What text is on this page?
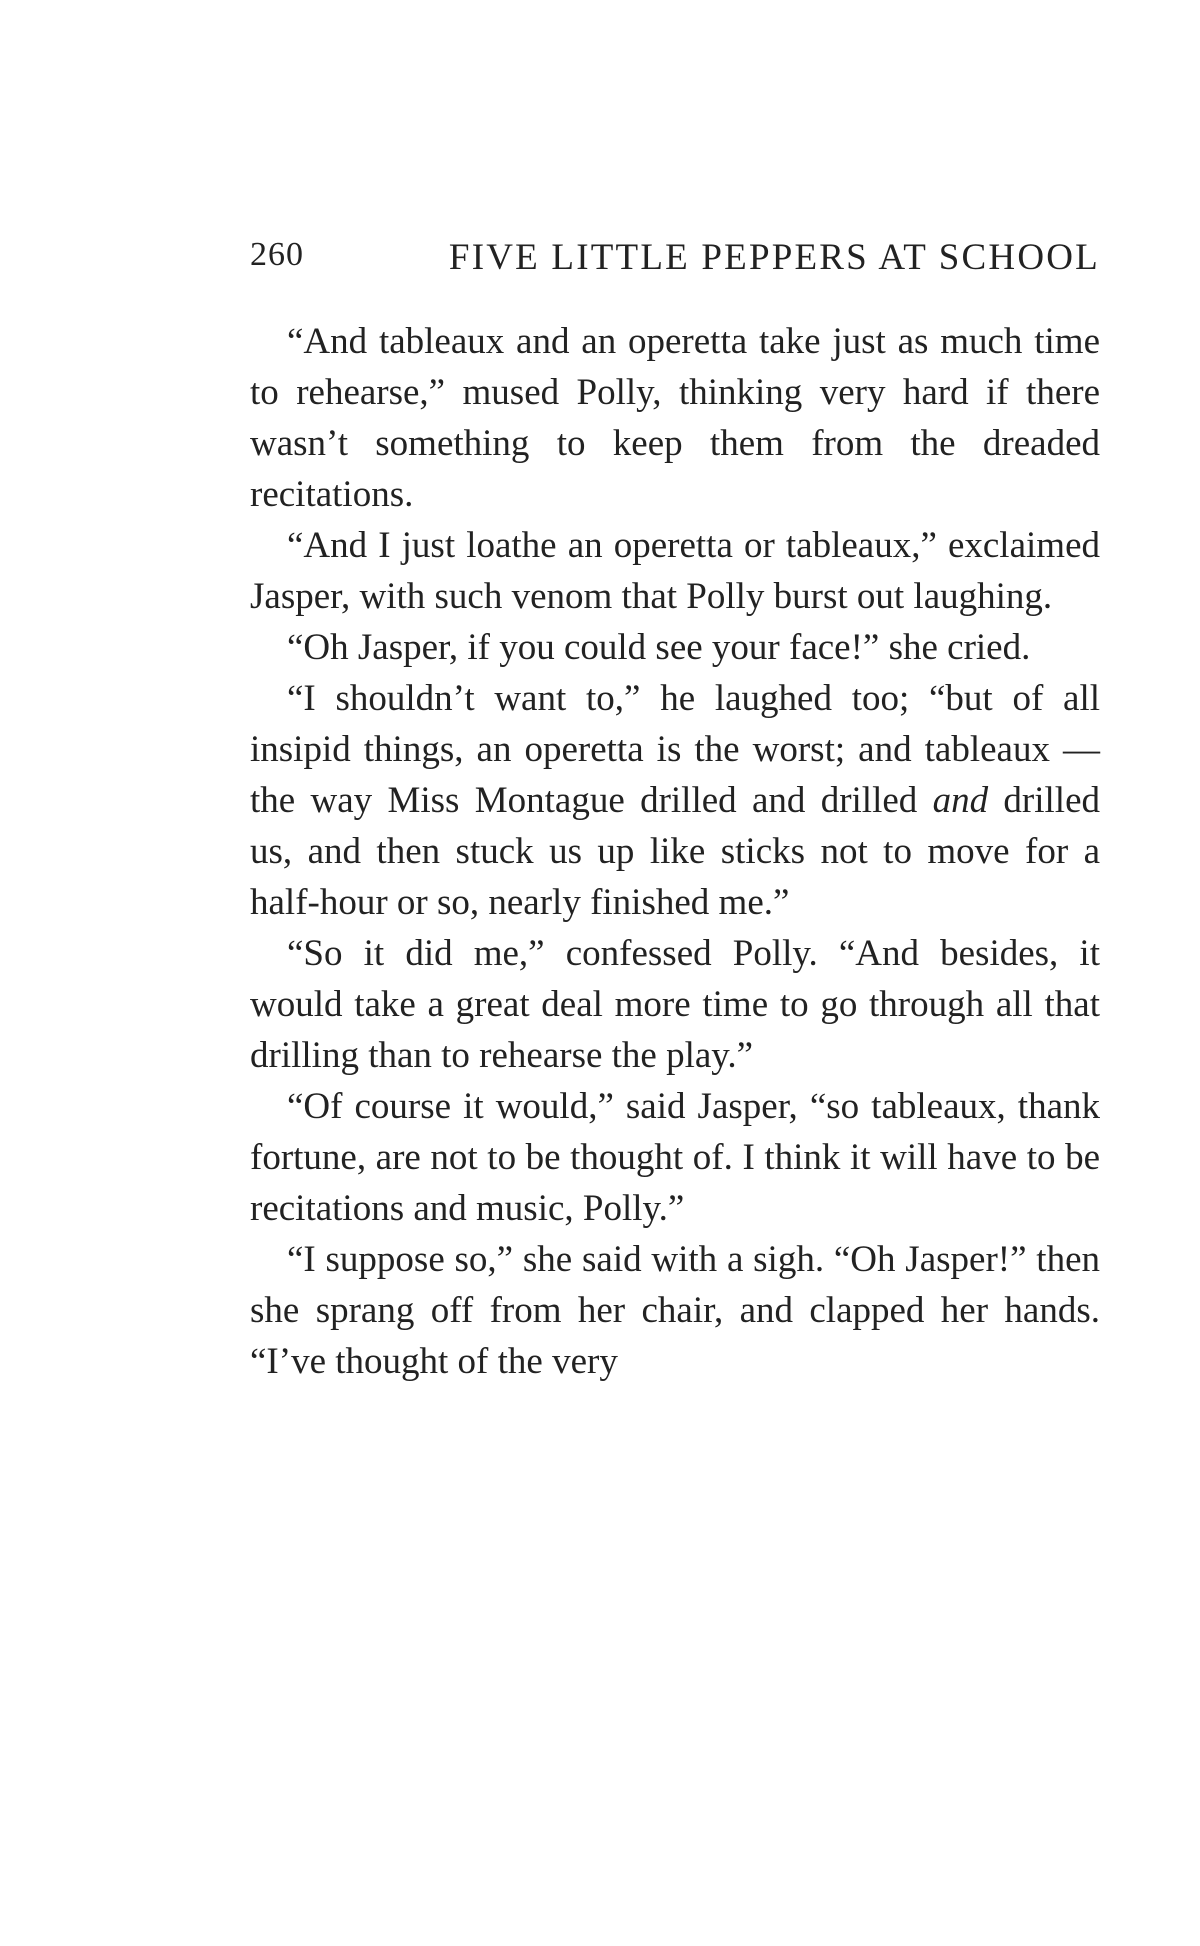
260	FIVE LITTLE PEPPERS AT SCHOOL

“And tableaux and an operetta take just as much time to rehearse,” mused Polly, thinking very hard if there wasn’t something to keep them from the dreaded recitations.

“And I just loathe an operetta or tableaux,” exclaimed Jasper, with such venom that Polly burst out laughing.

“Oh Jasper, if you could see your face!” she cried.

“I shouldn’t want to,” he laughed too; “but of all insipid things, an operetta is the worst; and tableaux — the way Miss Montague drilled and drilled and drilled us, and then stuck us up like sticks not to move for a half-hour or so, nearly finished me.”

“So it did me,” confessed Polly. “And besides, it would take a great deal more time to go through all that drilling than to rehearse the play.”

“Of course it would,” said Jasper, “so tableaux, thank fortune, are not to be thought of. I think it will have to be recitations and music, Polly.”

“I suppose so,” she said with a sigh. “Oh Jasper!” then she sprang off from her chair, and clapped her hands. “I’ve thought of the very
